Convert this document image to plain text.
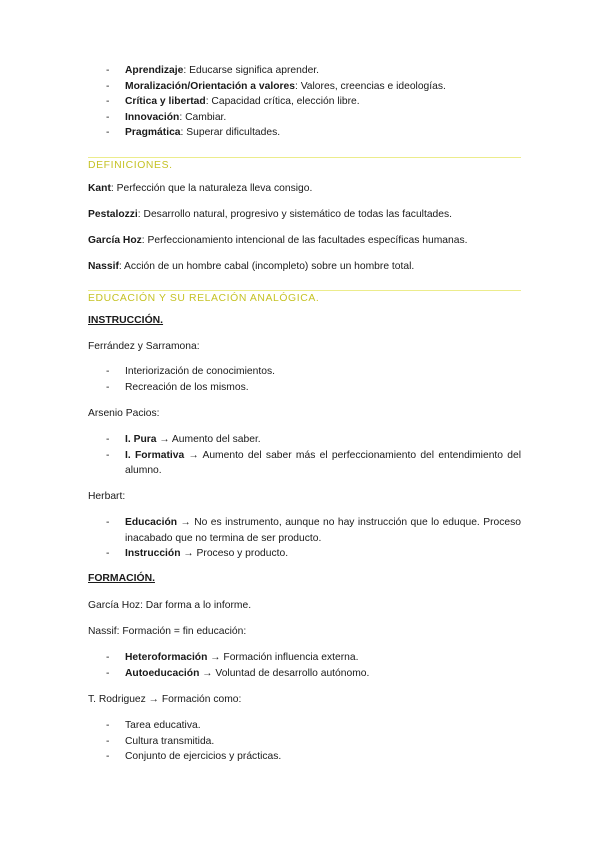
- Aprendizaje: Educarse significa aprender.
- Moralización/Orientación a valores: Valores, creencias e ideologías.
- Crítica y libertad: Capacidad crítica, elección libre.
- Innovación: Cambiar.
- Pragmática: Superar dificultades.
DEFINICIONES.
Kant: Perfección que la naturaleza lleva consigo.
Pestalozzi: Desarrollo natural, progresivo y sistemático de todas las facultades.
García Hoz: Perfeccionamiento intencional de las facultades específicas humanas.
Nassif: Acción de un hombre cabal (incompleto) sobre un hombre total.
EDUCACIÓN Y SU RELACIÓN ANALÓGICA.
INSTRUCCIÓN.
Ferrández y Sarramona:
- Interiorización de conocimientos.
- Recreación de los mismos.
Arsenio Pacios:
- I. Pura → Aumento del saber.
- I. Formativa → Aumento del saber más el perfeccionamiento del entendimiento del alumno.
Herbart:
- Educación → No es instrumento, aunque no hay instrucción que lo eduque. Proceso inacabado que no termina de ser producto.
- Instrucción → Proceso y producto.
FORMACIÓN.
García Hoz: Dar forma a lo informe.
Nassif: Formación = fin educación:
- Heteroformación → Formación influencia externa.
- Autoeducación → Voluntad de desarrollo autónomo.
T. Rodriguez → Formación como:
- Tarea educativa.
- Cultura transmitida.
- Conjunto de ejercicios y prácticas.
